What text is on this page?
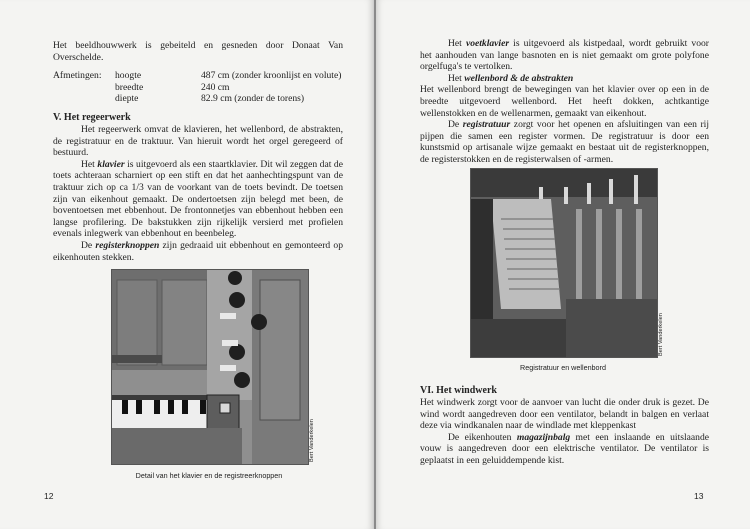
Het beeldhouwwerk is gebeiteld en gesneden door Donaat Van Overschelde.

Afmetingen: hoogte	487 cm (zonder kroonlijst en volute)
breedte	240 cm
diepte	82.9 cm (zonder de torens)
V. Het regeerwerk

Het regeerwerk omvat de klavieren, het wellenbord, de abstrakten, de registratuur en de traktuur. Van hieruit wordt het orgel geregeerd of bestuurd.

Het klavier is uitgevoerd als een staartklavier. Dit wil zeggen dat de toets achteraan scharniert op een stift en dat het aanhechtingspunt van de traktuur zich op ca 1/3 van de voorkant van de toets bevindt. De toetsen zijn van eikenhout gemaakt. De ondertoetsen zijn belegd met been, de boventoetsen met ebbenhout. De frontonnetjes van ebbenhout hebben een langse profilering. De bakstukken zijn rijkelijk versierd met profielen evenals inlegwerk van ebbenhout en beenbeleg.

De registerknoppen zijn gedraaid uit ebbenhout en gemonteerd op eikenhouten stekken.

Bert Vanderkelen
Detail van het klavier en de registreerknoppen
12

Het voetklavier is uitgevoerd als kistpedaal, wordt gebruikt voor het aanhouden van lange basnoten en is niet gemaakt om grote polyfone orgelfuga's te vertolken.

Het wellenbord & de abstrakten

Het wellenbord brengt de bewegingen van het klavier over op een in de breedte uitgevoerd wellenbord. Het heeft dokken, achtkantige wellenstokken en de wellenarmen, gemaakt van eikenhout.

De registratuur zorgt voor het openen en afsluitingen van een rij pijpen die samen een register vormen. De registratuur is door een kunstsmid op artisanale wijze gemaakt en bestaat uit de registerknoppen, de registerstokken en de registerwalsen of -armen.

Bert Vanderkelen
Registratuur en wellenbord
VI. Het windwerk

Het windwerk zorgt voor de aanvoer van lucht die onder druk is gezet. De wind wordt aangedreven door een ventilator, belandt in balgen en verlaat deze via windkanalen naar de windlade met kleppenkast

De eikenhouten magazijnbalg met een inslaande en uitslaande vouw is aangedreven door een elektrische ventilator. De ventilator is geplaatst in een geluiddempende kist.

13
